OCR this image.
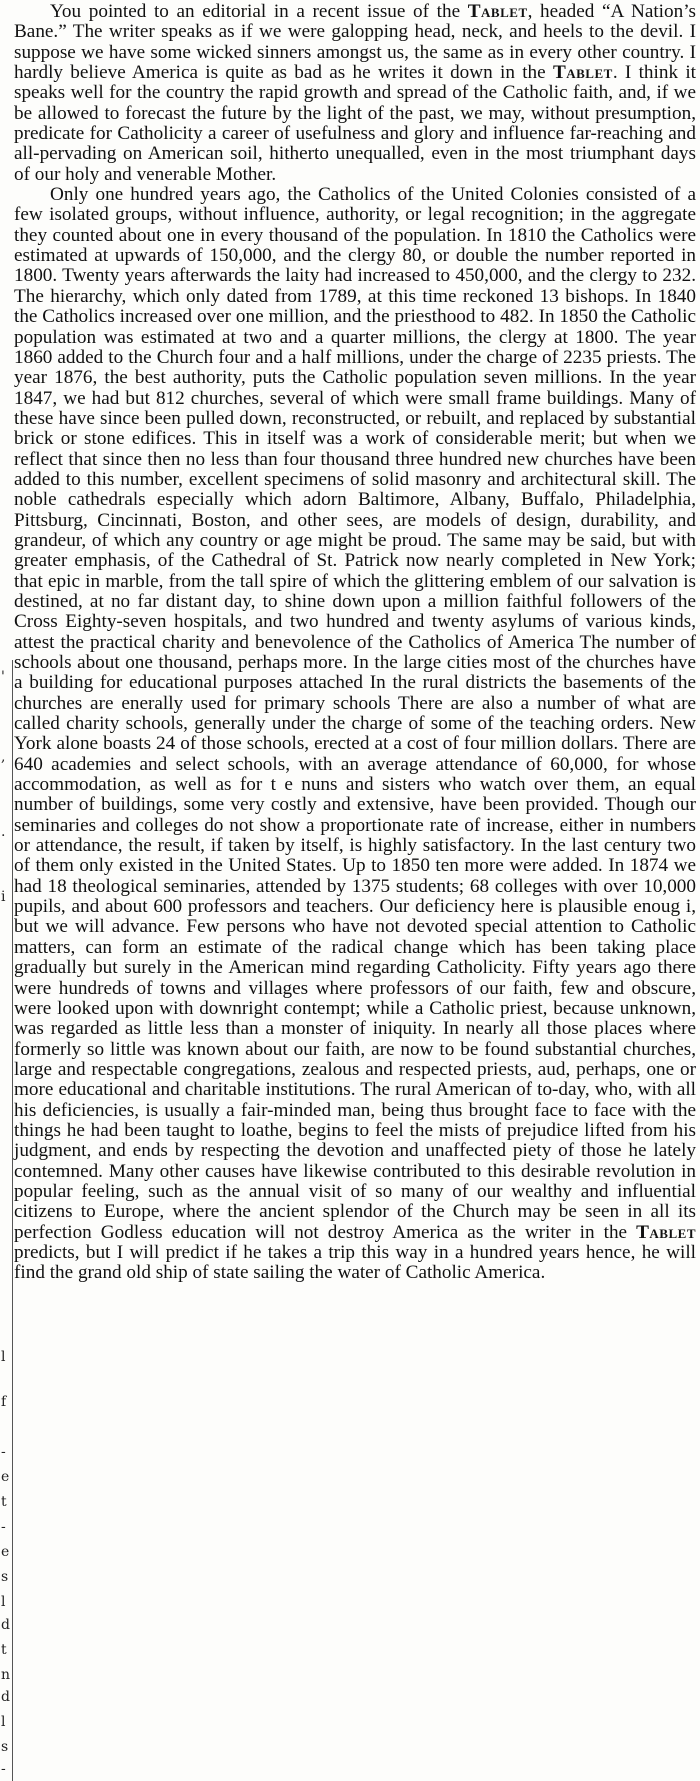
'
,
.
i
l
f
-
e
t
-
e
s
l
d
t
n
d
l
s
-

You pointed to an editorial in a recent issue of the Tablet, headed “A Nation’s Bane.” The writer speaks as if we were galopping head, neck, and heels to the devil. I suppose we have some wicked sinners amongst us, the same as in every other country. I hardly believe America is quite as bad as he writes it down in the Tablet. I think it speaks well for the country the rapid growth and spread of the Catholic faith, and, if we be allowed to forecast the future by the light of the past, we may, without presumption, predicate for Catholicity a career of usefulness and glory and influence far-reaching and all-pervading on American soil, hitherto unequalled, even in the most triumphant days of our holy and venerable Mother.

Only one hundred years ago, the Catholics of the United Colonies consisted of a few isolated groups, without influence, authority, or legal recognition; in the aggregate they counted about one in every thousand of the population. In 1810 the Catholics were estimated at upwards of 150,000, and the clergy 80, or double the number reported in 1800. Twenty years afterwards the laity had increased to 450,000, and the clergy to 232. The hierarchy, which only dated from 1789, at this time reckoned 13 bishops. In 1840 the Catholics increased over one million, and the priesthood to 482. In 1850 the Catholic population was estimated at two and a quarter millions, the clergy at 1800. The year 1860 added to the Church four and a half millions, under the charge of 2235 priests. The year 1876, the best authority, puts the Catholic population seven millions. In the year 1847, we had but 812 churches, several of which were small frame buildings. Many of these have since been pulled down, reconstructed, or rebuilt, and replaced by substantial brick or stone edifices. This in itself was a work of considerable merit; but when we reflect that since then no less than four thousand three hundred new churches have been added to this number, excellent specimens of solid masonry and architectural skill. The noble cathedrals especially which adorn Baltimore, Albany, Buffalo, Philadelphia, Pittsburg, Cincinnati, Boston, and other sees, are models of design, durability, and grandeur, of which any country or age might be proud. The same may be said, but with greater emphasis, of the Cathedral of St. Patrick now nearly completed in New York; that epic in marble, from the tall spire of which the glittering emblem of our salvation is destined, at no far distant day, to shine down upon a million faithful followers of the Cross Eighty-seven hospitals, and two hundred and twenty asylums of various kinds, attest the practical charity and benevolence of the Catholics of America The number of schools about one thousand, perhaps more. In the large cities most of the churches have a building for educational purposes attached In the rural districts the basements of the churches are enerally used for primary schools There are also a number of what are called charity schools, generally under the charge of some of the teaching orders. New York alone boasts 24 of those schools, erected at a cost of four million dollars. There are 640 academies and select schools, with an average attendance of 60,000, for whose accommodation, as well as for t e nuns and sisters who watch over them, an equal number of buildings, some very costly and extensive, have been provided. Though our seminaries and colleges do not show a proportionate rate of increase, either in numbers or attendance, the result, if taken by itself, is highly satisfactory. In the last century two of them only existed in the United States. Up to 1850 ten more were added. In 1874 we had 18 theological seminaries, attended by 1375 students; 68 colleges with over 10,000 pupils, and about 600 professors and teachers. Our deficiency here is plausible enoug i, but we will advance. Few persons who have not devoted special attention to Catholic matters, can form an estimate of the radical change which has been taking place gradually but surely in the American mind regarding Catholicity. Fifty years ago there were hundreds of towns and villages where professors of our faith, few and obscure, were looked upon with downright contempt; while a Catholic priest, because unknown, was regarded as little less than a monster of iniquity. In nearly all those places where formerly so little was known about our faith, are now to be found substantial churches, large and respectable congregations, zealous and respected priests, aud, perhaps, one or more educational and charitable institutions. The rural American of to-day, who, with all his deficiencies, is usually a fair-minded man, being thus brought face to face with the things he had been taught to loathe, begins to feel the mists of prejudice lifted from his judgment, and ends by respecting the devotion and unaffected piety of those he lately contemned. Many other causes have likewise contributed to this desirable revolution in popular feeling, such as the annual visit of so many of our wealthy and influential citizens to Europe, where the ancient splendor of the Church may be seen in all its perfection Godless education will not destroy America as the writer in the Tablet predicts, but I will predict if he takes a trip this way in a hundred years hence, he will find the grand old ship of state sailing the water of Catholic America.
